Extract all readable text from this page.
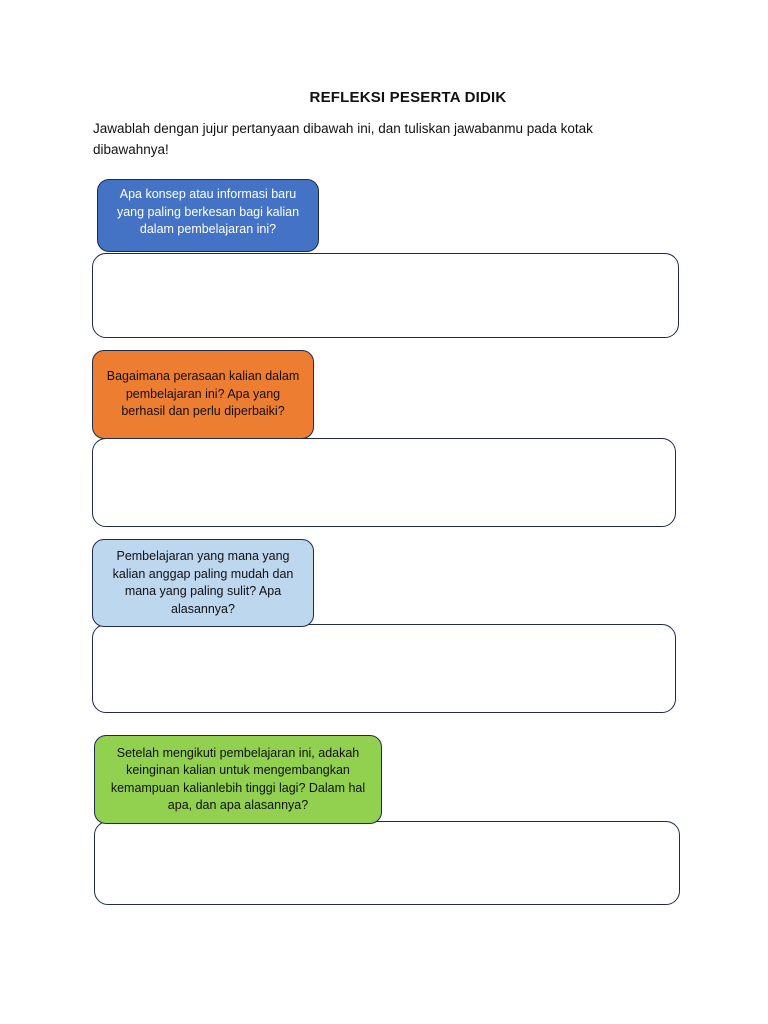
REFLEKSI PESERTA DIDIK
Jawablah dengan jujur pertanyaan dibawah ini, dan tuliskan jawabanmu pada kotak dibawahnya!
Apa konsep atau informasi baru yang paling berkesan bagi kalian dalam pembelajaran ini?
Bagaimana perasaan kalian dalam pembelajaran ini? Apa yang berhasil dan perlu diperbaiki?
Pembelajaran yang mana yang kalian anggap paling mudah dan mana yang paling sulit? Apa alasannya?
Setelah mengikuti pembelajaran ini, adakah keinginan kalian untuk mengembangkan kemampuan kalianlebih tinggi lagi? Dalam hal apa, dan apa alasannya?
